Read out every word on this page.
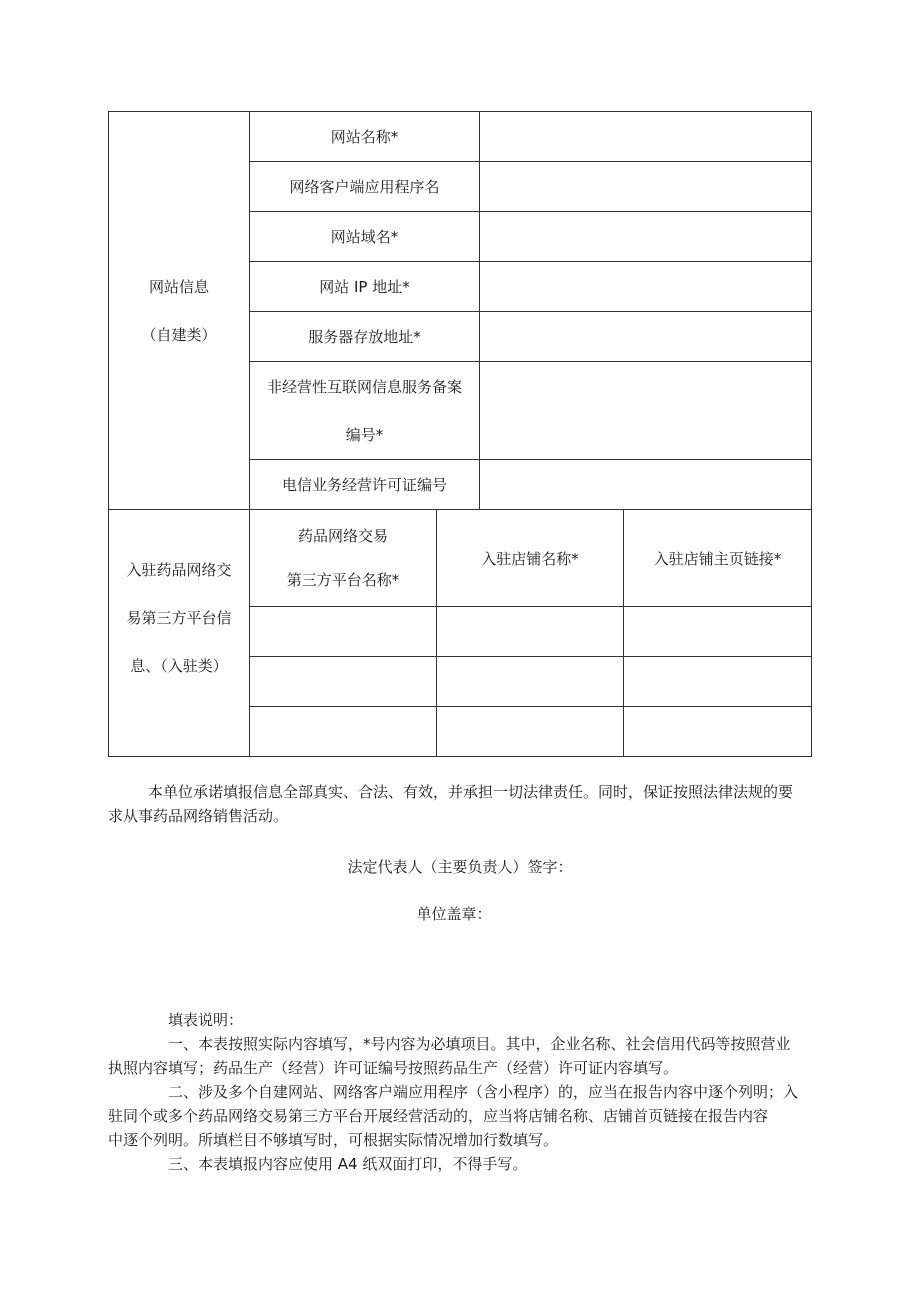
网站信息
（自建类）
网站名称*
网络客户端应用程序名
网站域名*
网站 IP 地址*
服务器存放地址*
非经营性互联网信息服务备案
编号*
电信业务经营许可证编号
入驻药品网络交
易第三方平台信
息、（入驻类）
药品网络交易
第三方平台名称*
入驻店铺名称*	入驻店铺主页链接*
本单位承诺填报信息全部真实、合法、有效，并承担一切法律责任。同时，保证按照法律法规的要
求从事药品网络销售活动。
法定代表人（主要负责人）签字：
单位盖章：
填表说明：
一、本表按照实际内容填写，*号内容为必填项目。其中，企业名称、社会信用代码等按照营业
执照内容填写；药品生产（经营）许可证编号按照药品生产（经营）许可证内容填写。
二、涉及多个自建网站、网络客户端应用程序（含小程序）的，应当在报告内容中逐个列明；入
驻同个或多个药品网络交易第三方平台开展经营活动的，应当将店铺名称、店铺首页链接在报告内容
中逐个列明。所填栏目不够填写时，可根据实际情况增加行数填写。
三、本表填报内容应使用 A4 纸双面打印，不得手写。
